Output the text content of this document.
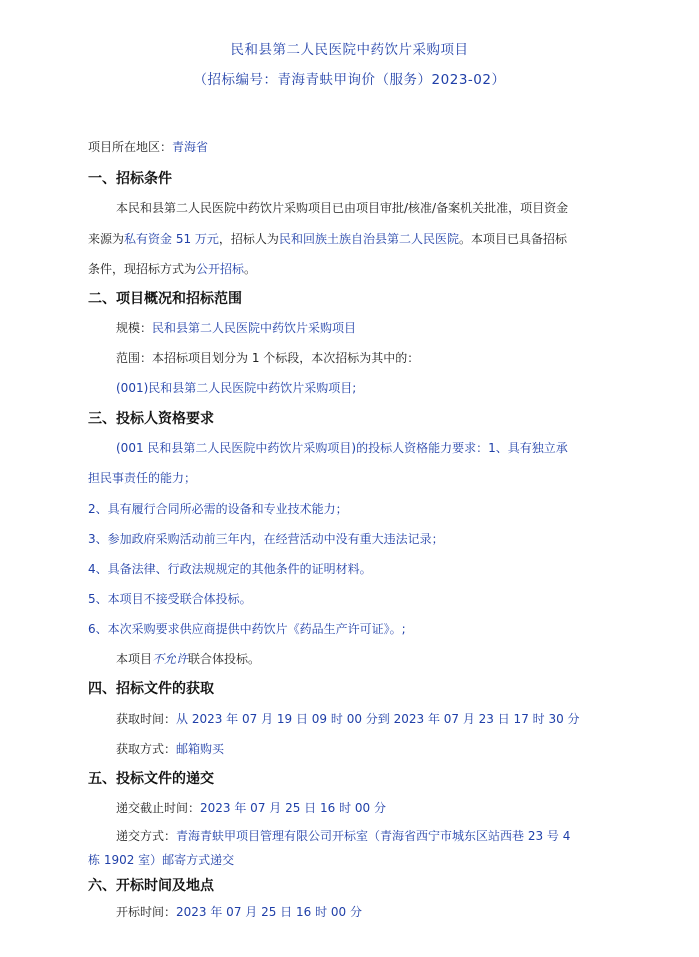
民和县第二人民医院中药饮片采购项目
（招标编号：青海青蚨甲询价（服务）2023-02）
项目所在地区：青海省
一、招标条件
本民和县第二人民医院中药饮片采购项目已由项目审批/核准/备案机关批准，项目资金
来源为私有资金 51 万元，招标人为民和回族土族自治县第二人民医院。本项目已具备招标
条件，现招标方式为公开招标。
二、项目概况和招标范围
规模：民和县第二人民医院中药饮片采购项目
范围：本招标项目划分为 1 个标段，本次招标为其中的：
(001)民和县第二人民医院中药饮片采购项目;
三、投标人资格要求
(001 民和县第二人民医院中药饮片采购项目)的投标人资格能力要求：1、具有独立承
担民事责任的能力；
2、具有履行合同所必需的设备和专业技术能力；
3、参加政府采购活动前三年内，在经营活动中没有重大违法记录；
4、具备法律、行政法规规定的其他条件的证明材料。
5、本项目不接受联合体投标。
6、本次采购要求供应商提供中药饮片《药品生产许可证》。;
本项目不允许联合体投标。
四、招标文件的获取
获取时间：从 2023 年 07 月 19 日 09 时 00 分到 2023 年 07 月 23 日 17 时 30 分
获取方式：邮箱购买
五、投标文件的递交
递交截止时间：2023 年 07 月 25 日 16 时 00 分
递交方式：青海青蚨甲项目管理有限公司开标室（青海省西宁市城东区站西巷 23 号 4
栋 1902 室）邮寄方式递交
六、开标时间及地点
开标时间：2023 年 07 月 25 日 16 时 00 分
